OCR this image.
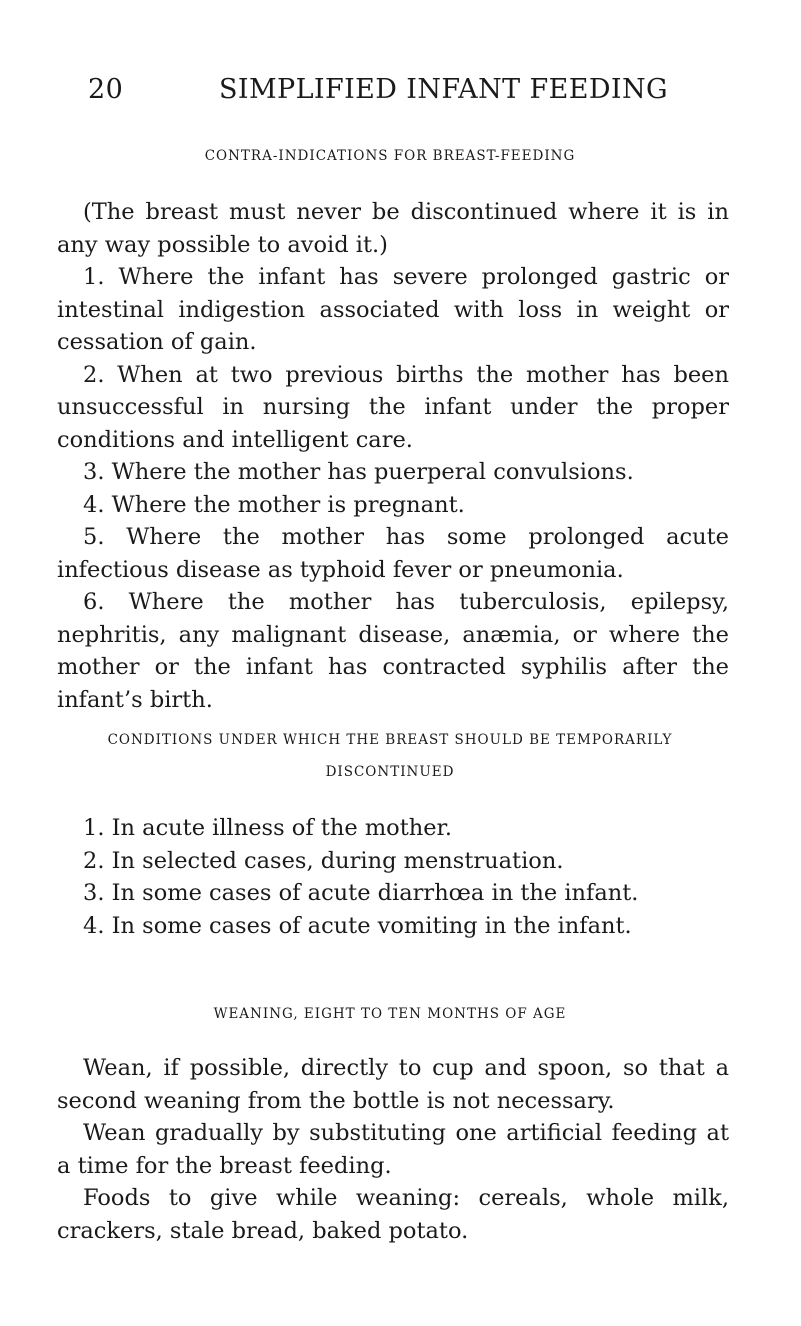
20	SIMPLIFIED INFANT FEEDING
CONTRA-INDICATIONS FOR BREAST-FEEDING

(The breast must never be discontinued where it is in any way possible to avoid it.)

1. Where the infant has severe prolonged gastric or intestinal indigestion associated with loss in weight or cessation of gain.

2. When at two previous births the mother has been unsuccessful in nursing the infant under the proper conditions and intelligent care.

3. Where the mother has puerperal convulsions.

4. Where the mother is pregnant.

5. Where the mother has some prolonged acute infectious disease as typhoid fever or pneumonia.

6. Where the mother has tuberculosis, epilepsy, nephritis, any malignant disease, anæmia, or where the mother or the infant has contracted syphilis after the infant’s birth.

CONDITIONS UNDER WHICH THE BREAST SHOULD BE TEMPORARILY
DISCONTINUED

1. In acute illness of the mother.

2. In selected cases, during menstruation.

3. In some cases of acute diarrhœa in the infant.

4. In some cases of acute vomiting in the infant.

WEANING, EIGHT TO TEN MONTHS OF AGE

Wean, if possible, directly to cup and spoon, so that a second weaning from the bottle is not necessary.

Wean gradually by substituting one artificial feeding at a time for the breast feeding.

Foods to give while weaning: cereals, whole milk, crackers, stale bread, baked potato.
